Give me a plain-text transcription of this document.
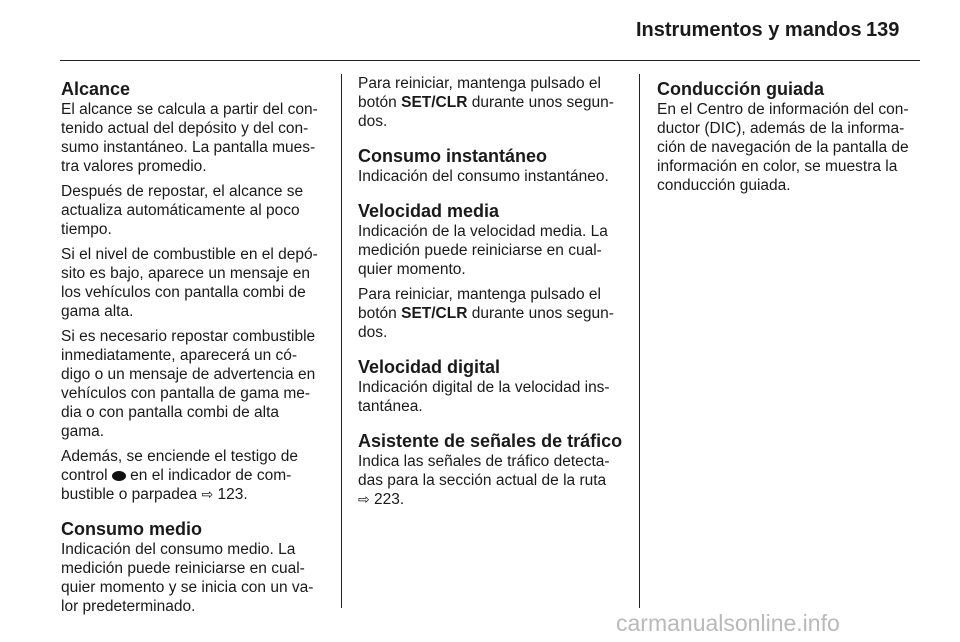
Instrumentos y mandos 139
Alcance

El alcance se calcula a partir del con-
tenido actual del depósito y del con-
sumo instantáneo. La pantalla mues-
tra valores promedio.

Después de repostar, el alcance se
actualiza automáticamente al poco
tiempo.

Si el nivel de combustible en el depó-
sito es bajo, aparece un mensaje en
los vehículos con pantalla combi de
gama alta.

Si es necesario repostar combustible
inmediatamente, aparecerá un có-
digo o un mensaje de advertencia en
vehículos con pantalla de gama me-
dia o con pantalla combi de alta
gama.

Además, se enciende el testigo de
control en el indicador de com-
bustible o parpadea ⇨ 123.

Consumo medio

Indicación del consumo medio. La
medición puede reiniciarse en cual-
quier momento y se inicia con un va-
lor predeterminado.

Para reiniciar, mantenga pulsado el
botón SET/CLR durante unos segun-
dos.

Consumo instantáneo

Indicación del consumo instantáneo.

Velocidad media

Indicación de la velocidad media. La
medición puede reiniciarse en cual-
quier momento.

Para reiniciar, mantenga pulsado el
botón SET/CLR durante unos segun-
dos.

Velocidad digital

Indicación digital de la velocidad ins-
tantánea.

Asistente de señales de tráfico

Indica las señales de tráfico detecta-
das para la sección actual de la ruta
⇨ 223.

Conducción guiada

En el Centro de información del con-
ductor (DIC), además de la informa-
ción de navegación de la pantalla de
información en color, se muestra la
conducción guiada.

carmanualsonline.info
